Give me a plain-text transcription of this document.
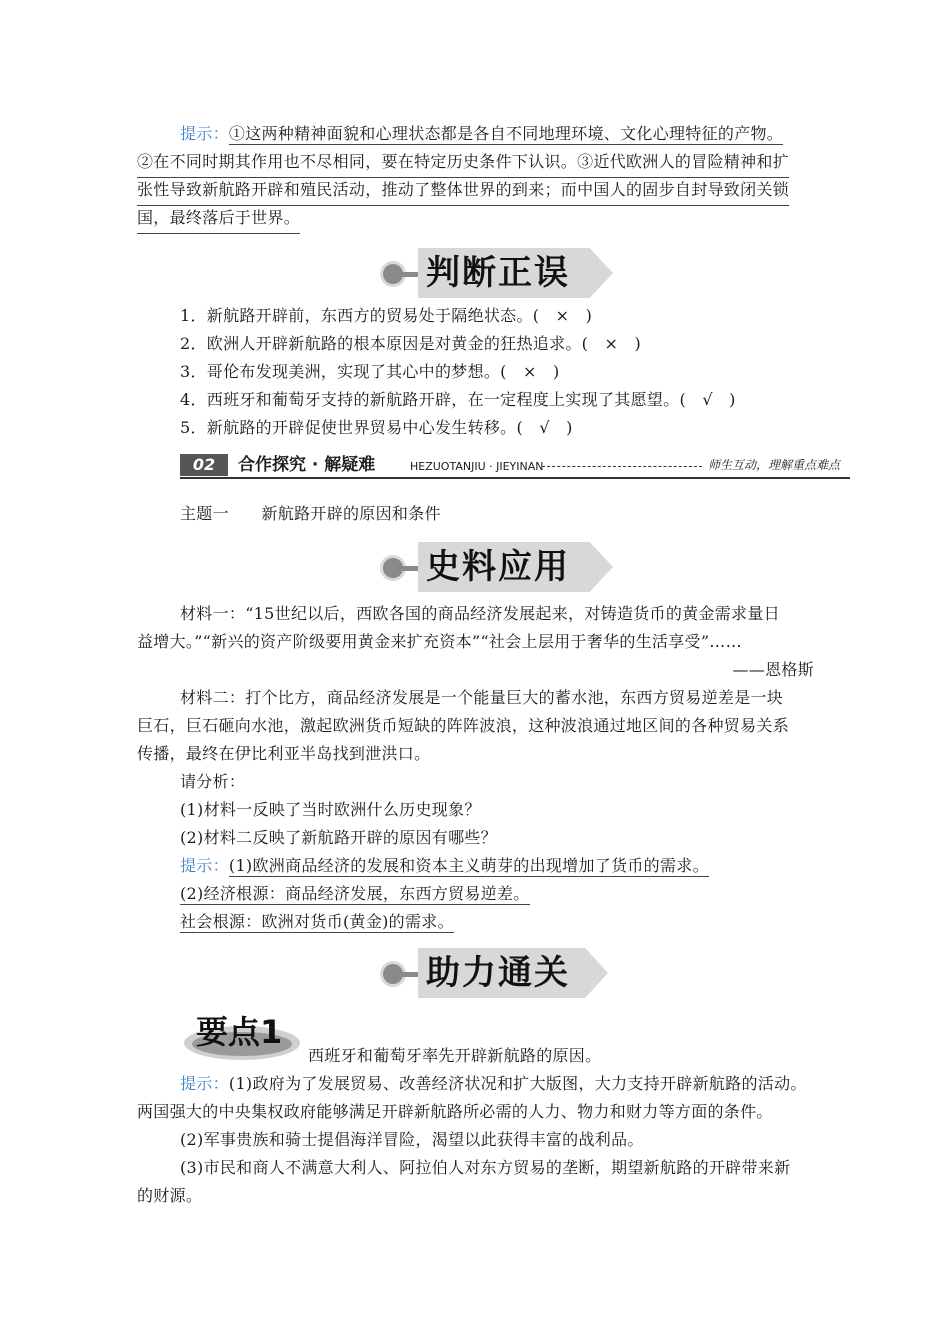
提示：①这两种精神面貌和心理状态都是各自不同地理环境、文化心理特征的产物。
②在不同时期其作用也不尽相同，要在特定历史条件下认识。③近代欧洲人的冒险精神和扩
张性导致新航路开辟和殖民活动，推动了整体世界的到来；而中国人的固步自封导致闭关锁
国，最终落后于世界。
判断正误
1．新航路开辟前，东西方的贸易处于隔绝状态。(　×　)
2．欧洲人开辟新航路的根本原因是对黄金的狂热追求。(　×　)
3．哥伦布发现美洲，实现了其心中的梦想。(　×　)
4．西班牙和葡萄牙支持的新航路开辟，在一定程度上实现了其愿望。(　√　)
5．新航路的开辟促使世界贸易中心发生转移。(　√　)
02	合作探究 · 解疑难	HEZUOTANJIU · JIEYINAN	师生互动，理解重点难点
主题一　　新航路开辟的原因和条件
史料应用
材料一：“15世纪以后，西欧各国的商品经济发展起来，对铸造货币的黄金需求量日
益增大。”“新兴的资产阶级要用黄金来扩充资本”“社会上层用于奢华的生活享受”……
——恩格斯
材料二：打个比方，商品经济发展是一个能量巨大的蓄水池，东西方贸易逆差是一块
巨石，巨石砸向水池，激起欧洲货币短缺的阵阵波浪，这种波浪通过地区间的各种贸易关系
传播，最终在伊比利亚半岛找到泄洪口。
请分析：
(1)材料一反映了当时欧洲什么历史现象？
(2)材料二反映了新航路开辟的原因有哪些？
提示：(1)欧洲商品经济的发展和资本主义萌芽的出现增加了货币的需求。
(2)经济根源：商品经济发展，东西方贸易逆差。
社会根源：欧洲对货币(黄金)的需求。
助力通关
要点1
西班牙和葡萄牙率先开辟新航路的原因。
提示：(1)政府为了发展贸易、改善经济状况和扩大版图，大力支持开辟新航路的活动。
两国强大的中央集权政府能够满足开辟新航路所必需的人力、物力和财力等方面的条件。
(2)军事贵族和骑士提倡海洋冒险，渴望以此获得丰富的战利品。
(3)市民和商人不满意大利人、阿拉伯人对东方贸易的垄断，期望新航路的开辟带来新
的财源。
